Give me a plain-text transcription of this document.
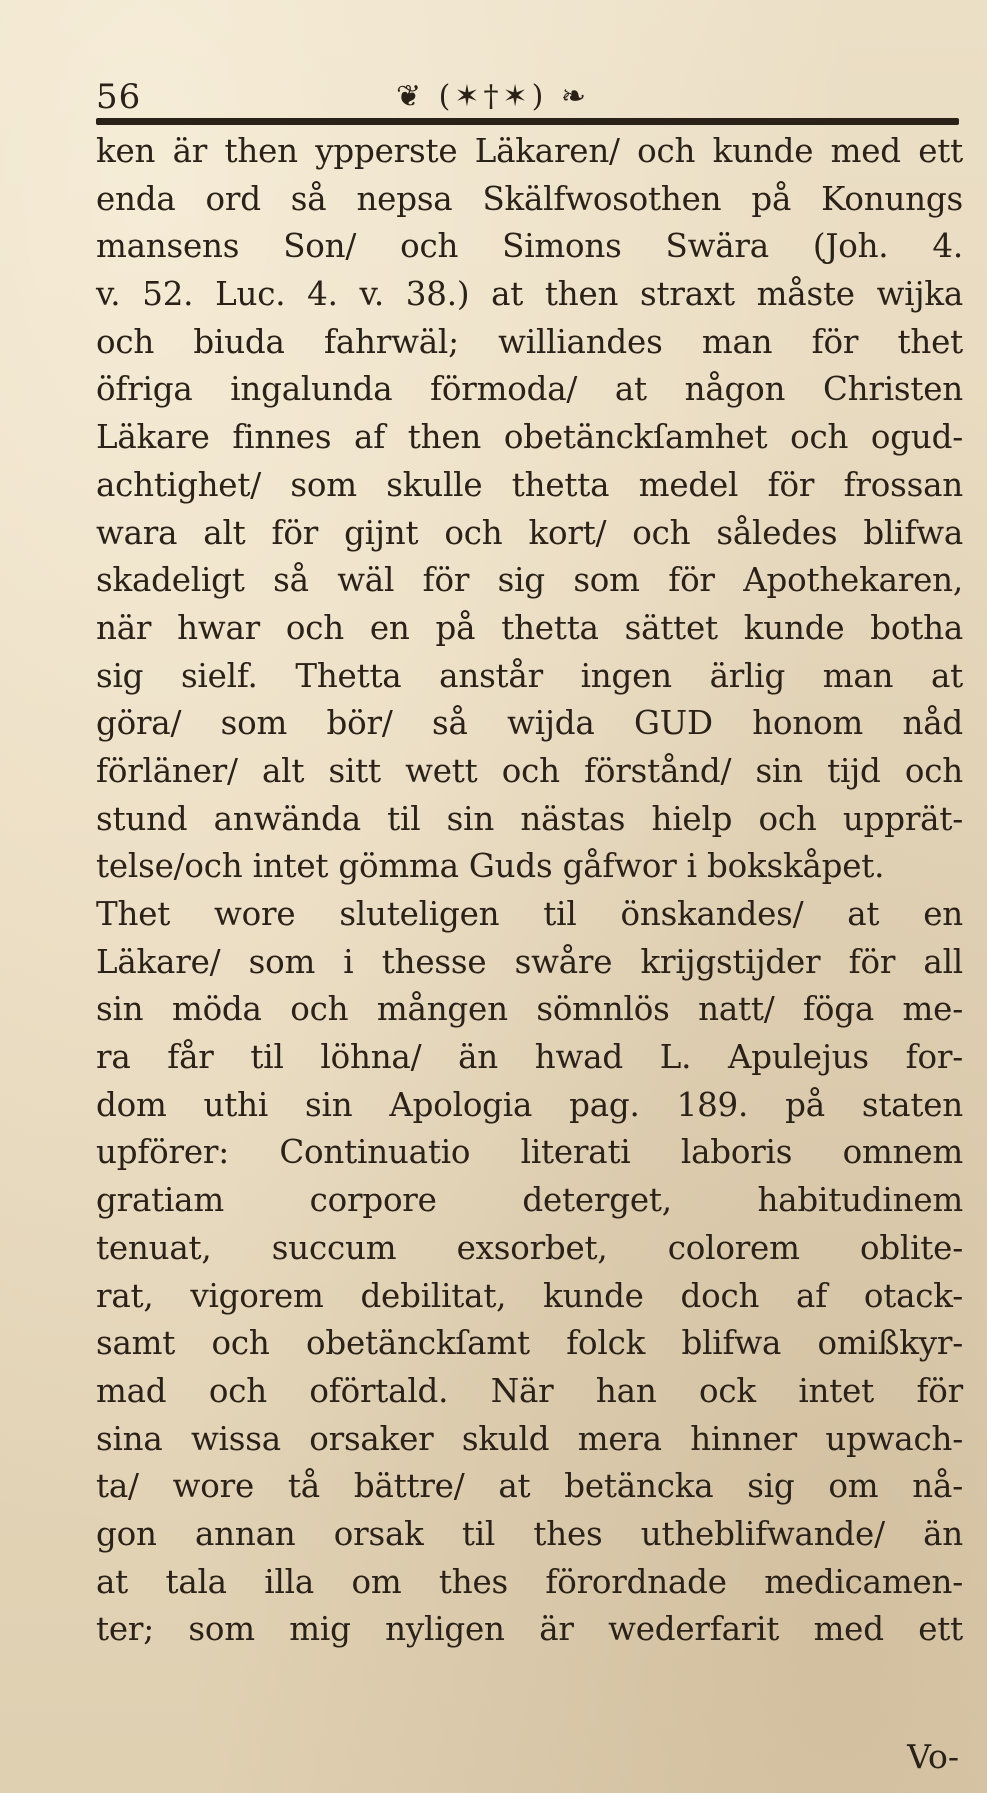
56	❦ (✶†✶) ❧
ken är then ypperste Läkaren/ och kunde med ett
enda ord så nepsa Skälfwosothen på Konungs
mansens Son/ och Simons Swära (Joh. 4.
v. 52. Luc. 4. v. 38.) at then straxt måste wijka
och biuda fahrwäl; williandes man för thet
öfriga ingalunda förmoda/ at någon Christen
Läkare finnes af then obetänckſamhet och ogud-
achtighet/ som skulle thetta medel för frossan
wara alt för gijnt och kort/ och således blifwa
skadeligt så wäl för sig som för Apothekaren,
när hwar och en på thetta sättet kunde botha
sig sielf. Thetta anstår ingen ärlig man at
göra/ som bör/ så wijda GUD honom nåd
förläner/ alt sitt wett och förstånd/ sin tijd och
stund anwända til sin nästas hielp och upprät-
telse/och intet gömma Guds gåfwor i bokskåpet.
Thet wore sluteligen til önskandes/ at en
Läkare/ som i thesse swåre krijgstijder för all
sin möda och mången sömnlös natt/ föga me-
ra får til löhna/ än hwad L. Apulejus for-
dom uthi sin Apologia pag. 189. på staten
upförer: Continuatio literati laboris omnem
gratiam corpore deterget, habitudinem
tenuat, succum exsorbet, colorem oblite-
rat, vigorem debilitat, kunde doch af otack-
samt och obetänckſamt folck blifwa omißkyr-
mad och oförtald. När han ock intet för
sina wissa orsaker skuld mera hinner upwach-
ta/ wore tå bättre/ at betäncka sig om nå-
gon annan orsak til thes utheblifwande/ än
at tala illa om thes förordnade medicamen-
ter; som mig nyligen är wederfarit med ett
Vo-
